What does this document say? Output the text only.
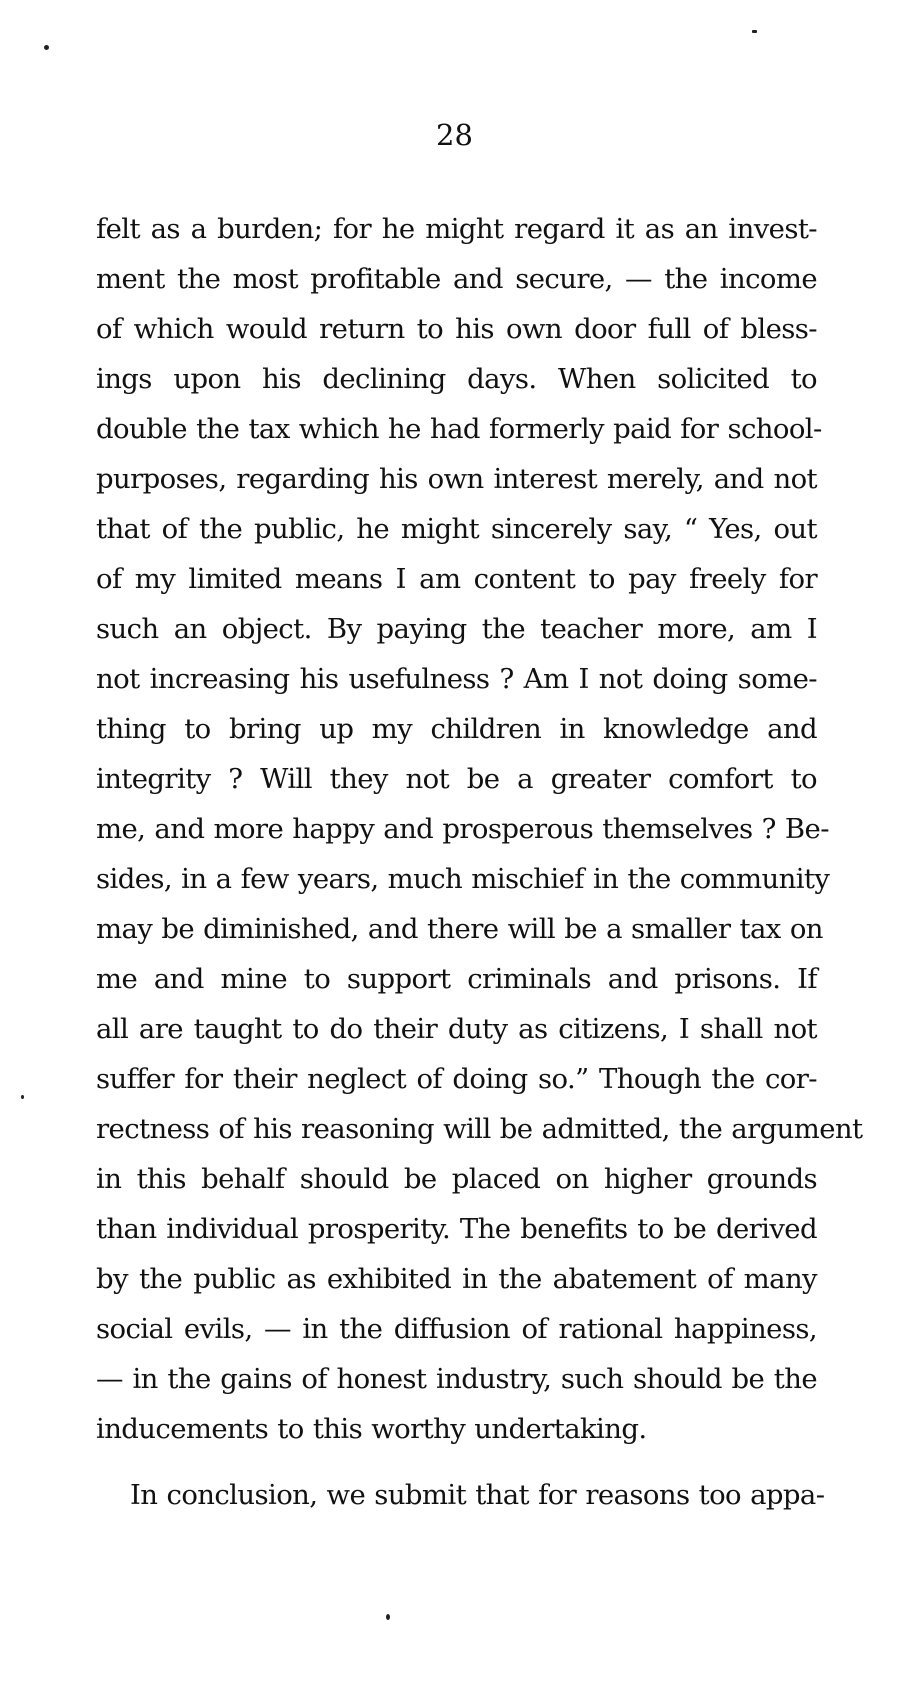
28
felt as a burden; for he might regard it as an invest-
ment the most profitable and secure, — the income
of which would return to his own door full of bless-
ings upon his declining days. When solicited to
double the tax which he had formerly paid for school-
purposes, regarding his own interest merely, and not
that of the public, he might sincerely say, “ Yes, out
of my limited means I am content to pay freely for
such an object. By paying the teacher more, am I
not increasing his usefulness ? Am I not doing some-
thing to bring up my children in knowledge and
integrity ? Will they not be a greater comfort to
me, and more happy and prosperous themselves ? Be-
sides, in a few years, much mischief in the community
may be diminished, and there will be a smaller tax on
me and mine to support criminals and prisons. If
all are taught to do their duty as citizens, I shall not
suffer for their neglect of doing so.” Though the cor-
rectness of his reasoning will be admitted, the argument
in this behalf should be placed on higher grounds
than individual prosperity. The benefits to be derived
by the public as exhibited in the abatement of many
social evils, — in the diffusion of rational happiness,
— in the gains of honest industry, such should be the
inducements to this worthy undertaking.
In conclusion, we submit that for reasons too appa-
